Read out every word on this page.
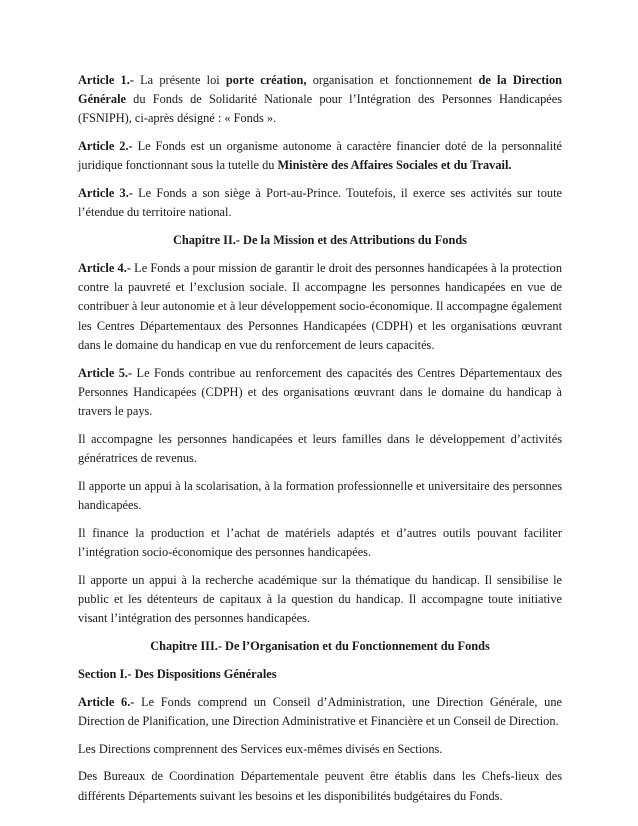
Article 1.- La présente loi porte création, organisation et fonctionnement de la Direction Générale du Fonds de Solidarité Nationale pour l’Intégration des Personnes Handicapées (FSNIPH), ci-après désigné : « Fonds ».

Article 2.- Le Fonds est un organisme autonome à caractère financier doté de la personnalité juridique fonctionnant sous la tutelle du Ministère des Affaires Sociales et du Travail.

Article 3.- Le Fonds a son siège à Port-au-Prince. Toutefois, il exerce ses activités sur toute l’étendue du territoire national.

Chapitre II.- De la Mission et des Attributions du Fonds

Article 4.- Le Fonds a pour mission de garantir le droit des personnes handicapées à la protection contre la pauvreté et l’exclusion sociale. Il accompagne les personnes handicapées en vue de contribuer à leur autonomie et à leur développement socio-économique. Il accompagne également les Centres Départementaux des Personnes Handicapées (CDPH) et les organisations œuvrant dans le domaine du handicap en vue du renforcement de leurs capacités.

Article 5.- Le Fonds contribue au renforcement des capacités des Centres Départementaux des Personnes Handicapées (CDPH) et des organisations œuvrant dans le domaine du handicap à travers le pays.

Il accompagne les personnes handicapées et leurs familles dans le développement d’activités génératrices de revenus.

Il apporte un appui à la scolarisation, à la formation professionnelle et universitaire des personnes handicapées.

Il finance la production et l’achat de matériels adaptés et d’autres outils pouvant faciliter l’intégration socio-économique des personnes handicapées.

Il apporte un appui à la recherche académique sur la thématique du handicap. Il sensibilise le public et les détenteurs de capitaux à la question du handicap. Il accompagne toute initiative visant l’intégration des personnes handicapées.

Chapitre III.- De l’Organisation et du Fonctionnement du Fonds

Section I.- Des Dispositions Générales

Article 6.- Le Fonds comprend un Conseil d’Administration, une Direction Générale, une Direction de Planification, une Direction Administrative et Financière et un Conseil de Direction.

Les Directions comprennent des Services eux-mêmes divisés en Sections.

Des Bureaux de Coordination Départementale peuvent être établis dans les Chefs-lieux des différents Départements suivant les besoins et les disponibilités budgétaires du Fonds.
